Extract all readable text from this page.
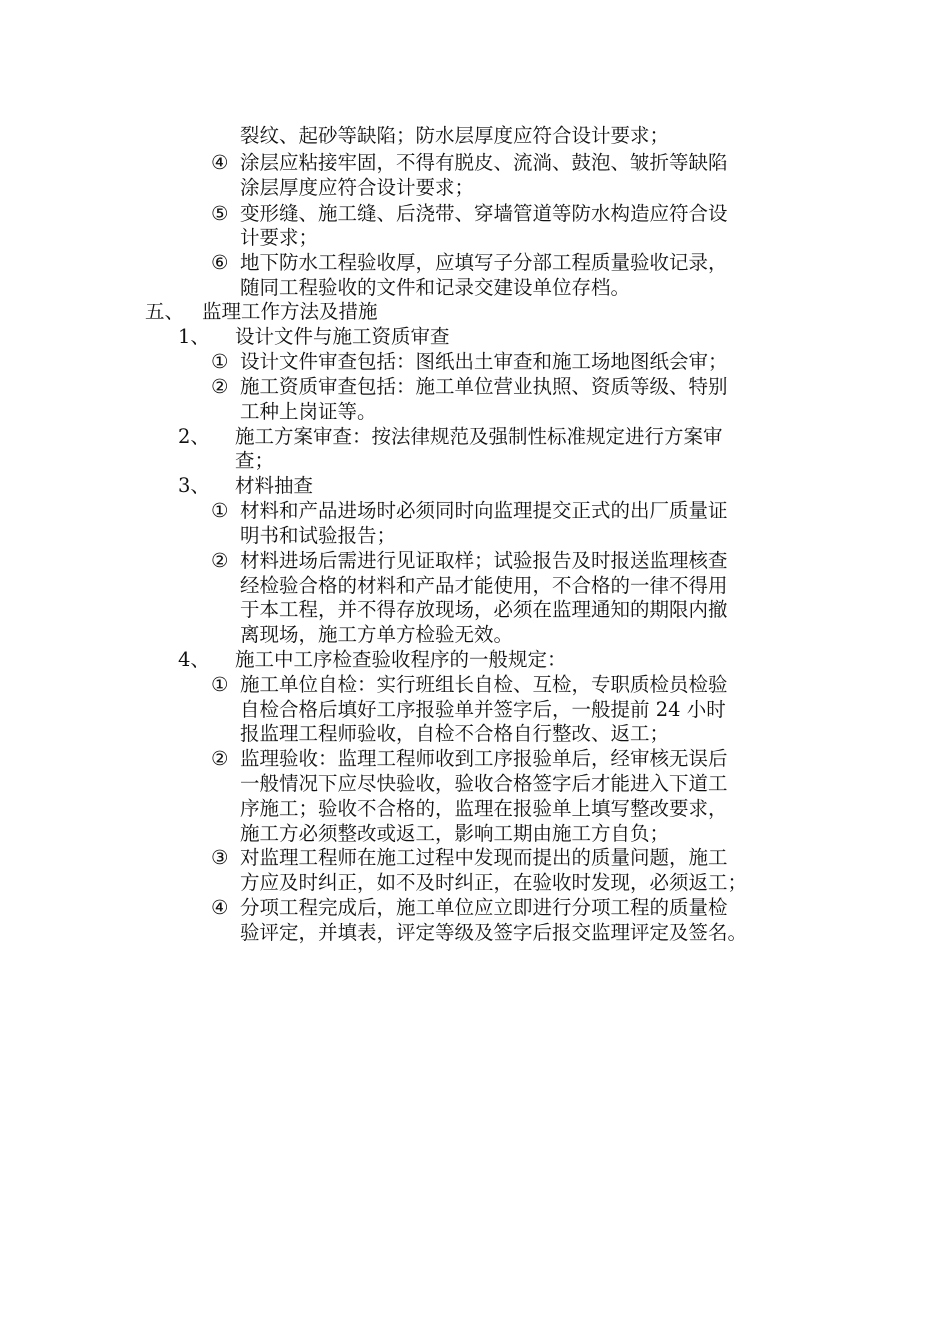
裂纹、起砂等缺陷；防水层厚度应符合设计要求；
④ 涂层应粘接牢固，不得有脱皮、流淌、鼓泡、皱折等缺陷
涂层厚度应符合设计要求；
⑤ 变形缝、施工缝、后浇带、穿墙管道等防水构造应符合设
计要求；
⑥ 地下防水工程验收厚，应填写子分部工程质量验收记录，
随同工程验收的文件和记录交建设单位存档。
五、 监理工作方法及措施
1、 设计文件与施工资质审查
① 设计文件审查包括：图纸出土审查和施工场地图纸会审；
② 施工资质审查包括：施工单位营业执照、资质等级、特别
工种上岗证等。
2、 施工方案审查：按法律规范及强制性标准规定进行方案审
查；
3、 材料抽查
① 材料和产品进场时必须同时向监理提交正式的出厂质量证
明书和试验报告；
② 材料进场后需进行见证取样；试验报告及时报送监理核查
经检验合格的材料和产品才能使用，不合格的一律不得用
于本工程，并不得存放现场，必须在监理通知的期限内撤
离现场，施工方单方检验无效。
4、 施工中工序检查验收程序的一般规定：
① 施工单位自检：实行班组长自检、互检，专职质检员检验
自检合格后填好工序报验单并签字后，一般提前 24 小时
报监理工程师验收，自检不合格自行整改、返工；
② 监理验收：监理工程师收到工序报验单后，经审核无误后
一般情况下应尽快验收，验收合格签字后才能进入下道工
序施工；验收不合格的，监理在报验单上填写整改要求，
施工方必须整改或返工，影响工期由施工方自负；
③ 对监理工程师在施工过程中发现而提出的质量问题，施工
方应及时纠正，如不及时纠正，在验收时发现，必须返工；
④ 分项工程完成后，施工单位应立即进行分项工程的质量检
验评定，并填表，评定等级及签字后报交监理评定及签名。
